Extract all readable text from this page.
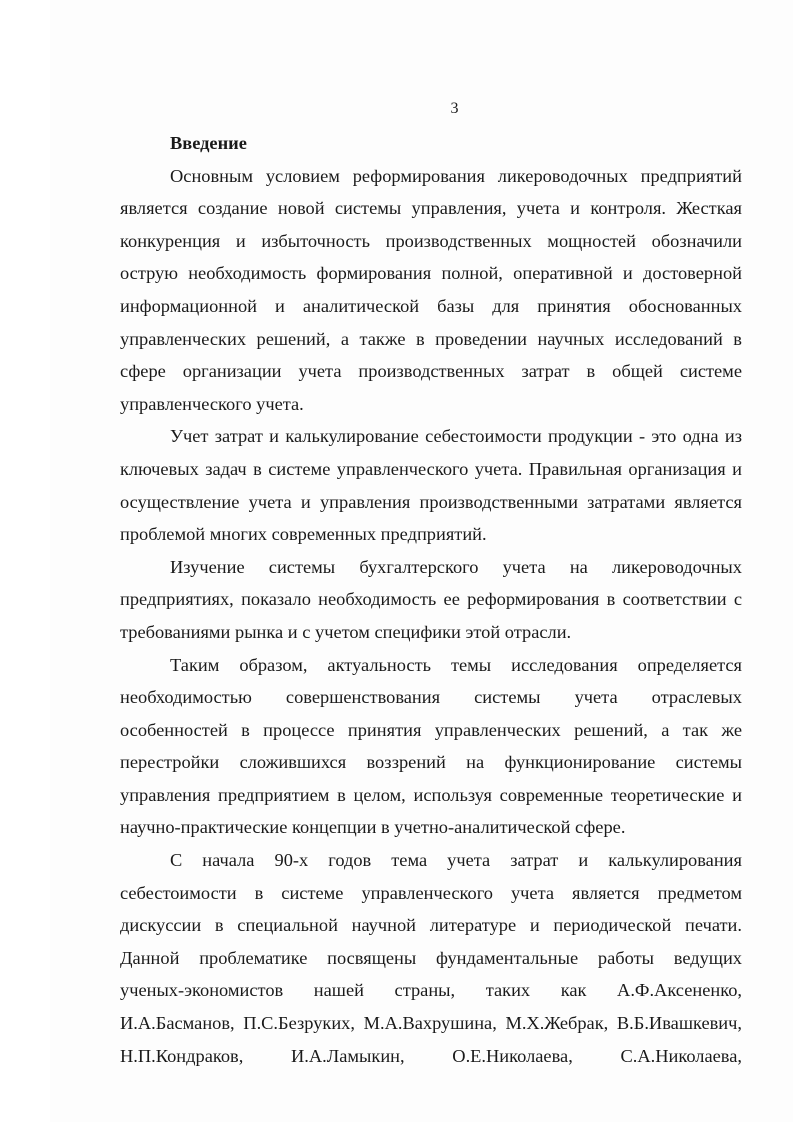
3
Введение
Основным условием реформирования ликероводочных предприятий
является создание новой системы управления, учета и контроля. Жесткая
конкуренция и избыточность производственных мощностей обозначили
острую необходимость формирования полной, оперативной и достоверной
информационной и аналитической базы для принятия обоснованных
управленческих решений, а также в проведении научных исследований в
сфере организации учета производственных затрат в общей системе
управленческого учета.
Учет затрат и калькулирование себестоимости продукции - это одна из
ключевых задач в системе управленческого учета. Правильная организация и
осуществление учета и управления производственными затратами является
проблемой многих современных предприятий.
Изучение системы бухгалтерского учета на ликероводочных
предприятиях, показало необходимость ее реформирования в соответствии с
требованиями рынка и с учетом специфики этой отрасли.
Таким образом, актуальность темы исследования определяется
необходимостью совершенствования системы учета отраслевых
особенностей в процессе принятия управленческих решений, а так же
перестройки сложившихся воззрений на функционирование системы
управления предприятием в целом, используя современные теоретические и
научно-практические концепции в учетно-аналитической сфере.
С начала 90-х годов тема учета затрат и калькулирования
себестоимости в системе управленческого учета является предметом
дискуссии в специальной научной литературе и периодической печати.
Данной проблематике посвящены фундаментальные работы ведущих
ученых-экономистов нашей страны, таких как А.Ф.Аксененко,
И.А.Басманов, П.С.Безруких, М.А.Вахрушина, М.Х.Жебрак, В.Б.Ивашкевич,
Н.П.Кондраков, И.А.Ламыкин, О.Е.Николаева, С.А.Николаева,
